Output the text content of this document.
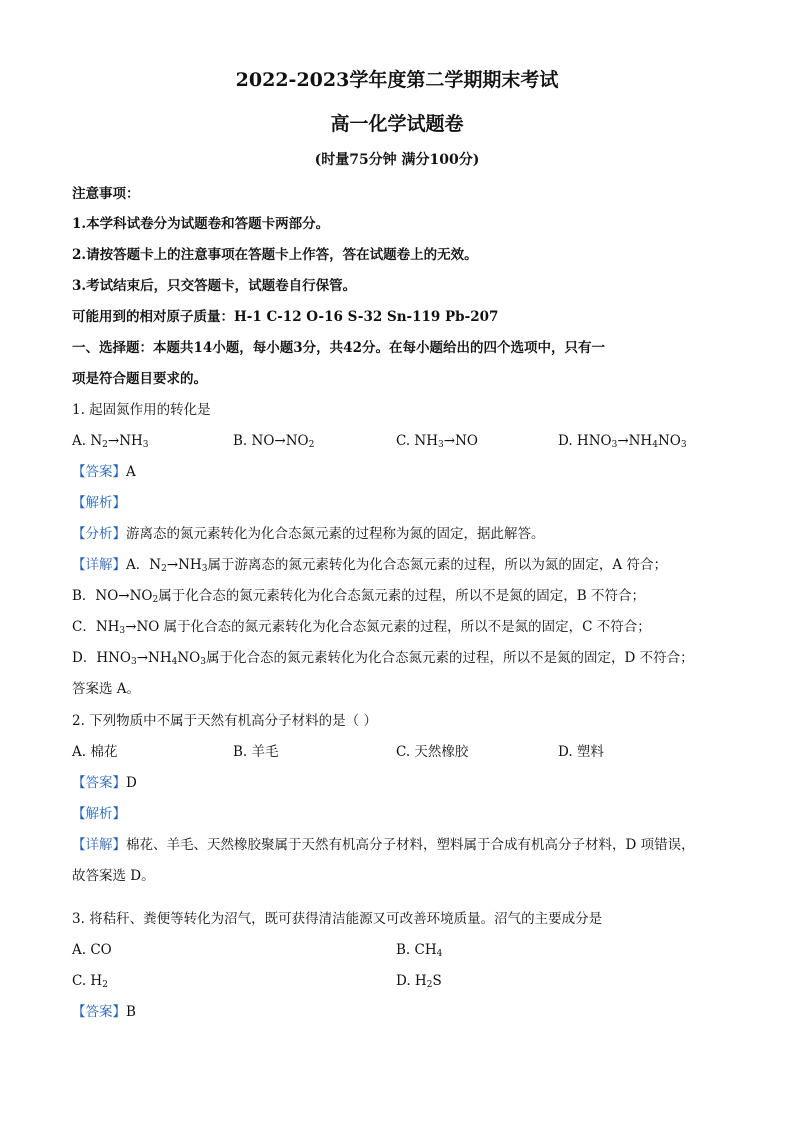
2022-2023学年度第二学期期末考试
高一化学试题卷
(时量75分钟 满分100分)
注意事项：
1.本学科试卷分为试题卷和答题卡两部分。
2.请按答题卡上的注意事项在答题卡上作答，答在试题卷上的无效。
3.考试结束后，只交答题卡，试题卷自行保管。
可能用到的相对原子质量：H-1 C-12 O-16 S-32 Sn-119 Pb-207
一、选择题：本题共14小题，每小题3分，共42分。在每小题给出的四个选项中，只有一
项是符合题目要求的。
1. 起固氮作用的转化是
A. $N_2\to NH_3$	B. $NO\to NO_2$	C. $NH_3\to NO$	D. $HNO_3\to NH_4NO_3$
【答案】A
【解析】
【分析】游离态的氮元素转化为化合态氮元素的过程称为氮的固定，据此解答。
【详解】A．$N_2\to NH_3$属于游离态的氮元素转化为化合态氮元素的过程，所以为氮的固定，A 符合；
B．$NO\to NO_2$属于化合态的氮元素转化为化合态氮元素的过程，所以不是氮的固定，B 不符合；
C．$NH_3\to NO$ 属于化合态的氮元素转化为化合态氮元素的过程，所以不是氮的固定，C 不符合；
D．$HNO_3\to NH_4NO_3$属于化合态的氮元素转化为化合态氮元素的过程，所以不是氮的固定，D 不符合；
答案选 A。
2. 下列物质中不属于天然有机高分子材料的是（ ）
A. 棉花	B. 羊毛	C. 天然橡胶	D. 塑料
【答案】D
【解析】
【详解】棉花、羊毛、天然橡胶聚属于天然有机高分子材料，塑料属于合成有机高分子材料，D 项错误，
故答案选 D。
3. 将秸秆、粪便等转化为沼气，既可获得清洁能源又可改善环境质量。沼气的主要成分是
A. CO	B. $CH_4$
C. $H_2$	D. $H_2S$
【答案】B
